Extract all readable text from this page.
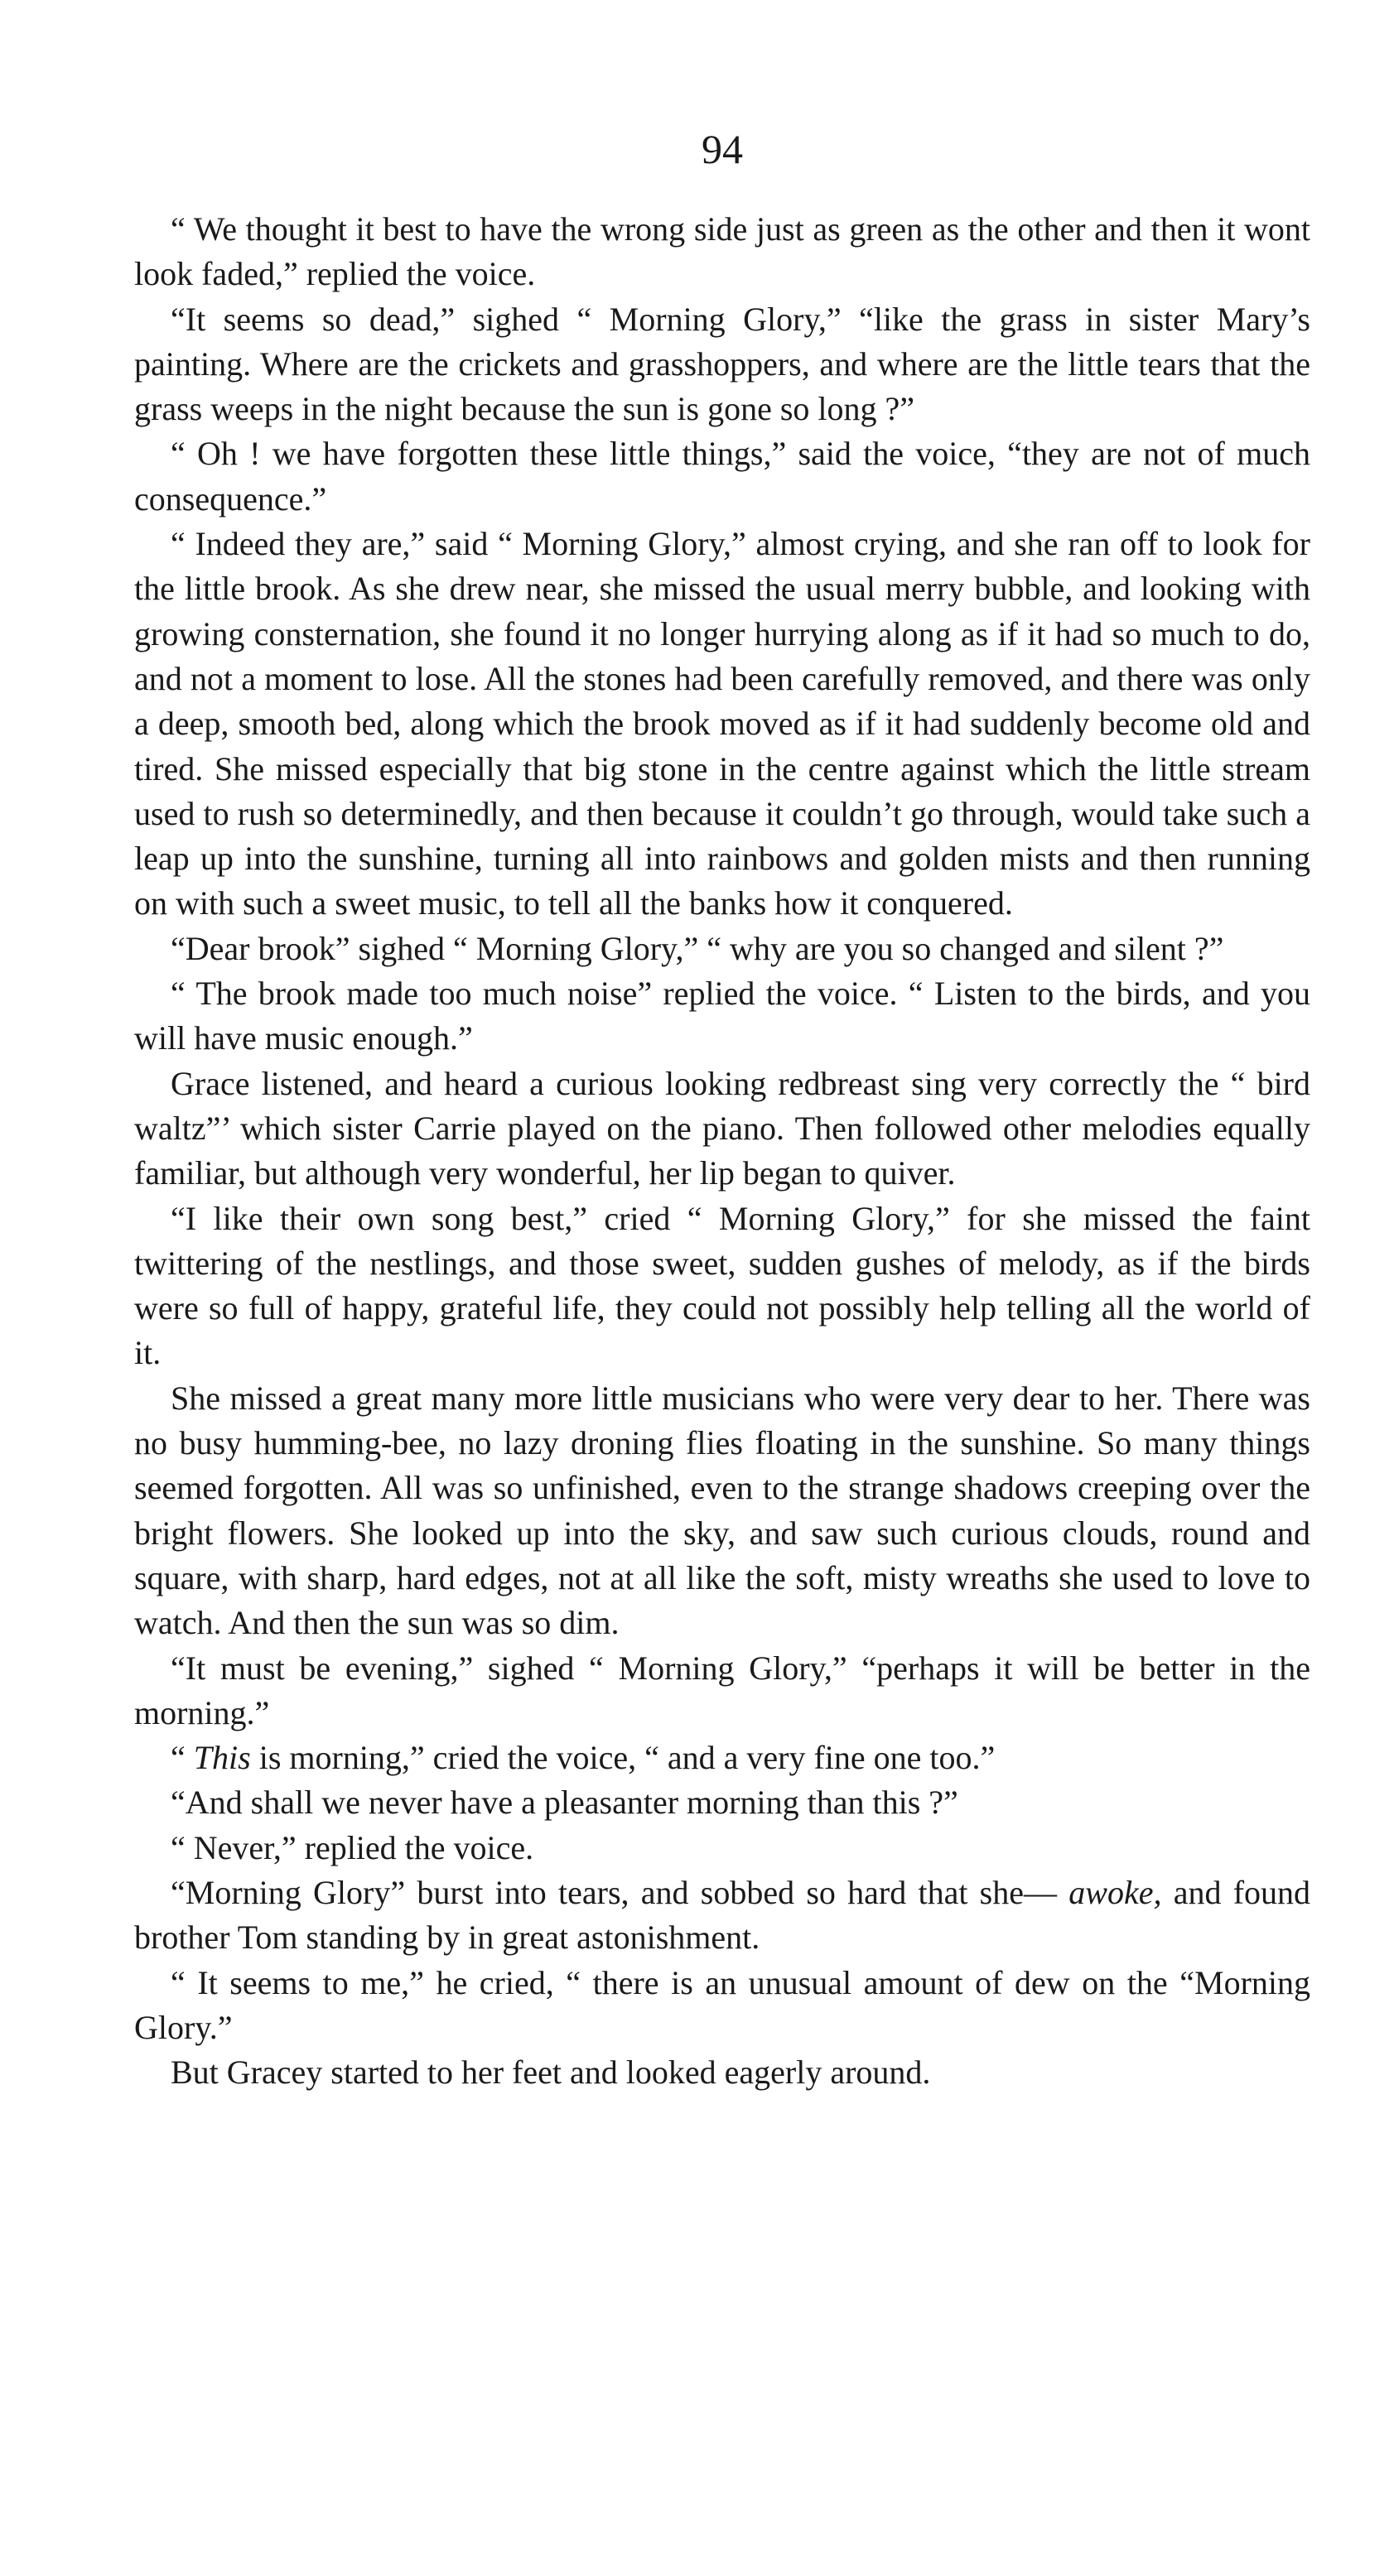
94

“ We thought it best to have the wrong side just as green as the other and then it wont look faded,” replied the voice.

“It seems so dead,” sighed “ Morning Glory,” “like the grass in sister Mary’s painting. Where are the crickets and grasshoppers, and where are the little tears that the grass weeps in the night because the sun is gone so long ?”

“ Oh ! we have forgotten these little things,” said the voice, “they are not of much consequence.”

“ Indeed they are,” said “ Morning Glory,” almost crying, and she ran off to look for the little brook. As she drew near, she missed the usual merry bubble, and looking with growing consternation, she found it no longer hurrying along as if it had so much to do, and not a moment to lose. All the stones had been carefully removed, and there was only a deep, smooth bed, along which the brook moved as if it had suddenly become old and tired. She missed especially that big stone in the centre against which the little stream used to rush so determinedly, and then because it couldn’t go through, would take such a leap up into the sunshine, turning all into rainbows and golden mists and then running on with such a sweet music, to tell all the banks how it conquered.

“Dear brook” sighed “ Morning Glory,” “ why are you so changed and silent ?”

“ The brook made too much noise” replied the voice. “ Listen to the birds, and you will have music enough.”

Grace listened, and heard a curious looking redbreast sing very correctly the “ bird waltz”’ which sister Carrie played on the piano. Then followed other melodies equally familiar, but although very wonderful, her lip began to quiver.

“I like their own song best,” cried “ Morning Glory,” for she missed the faint twittering of the nestlings, and those sweet, sudden gushes of melody, as if the birds were so full of happy, grateful life, they could not possibly help telling all the world of it.

She missed a great many more little musicians who were very dear to her. There was no busy humming-bee, no lazy droning flies floating in the sunshine. So many things seemed forgotten. All was so unfinished, even to the strange shadows creeping over the bright flowers. She looked up into the sky, and saw such curious clouds, round and square, with sharp, hard edges, not at all like the soft, misty wreaths she used to love to watch. And then the sun was so dim.

“It must be evening,” sighed “ Morning Glory,” “perhaps it will be better in the morning.”

“ This is morning,” cried the voice, “ and a very fine one too.”

“And shall we never have a pleasanter morning than this ?”

“ Never,” replied the voice.

“Morning Glory” burst into tears, and sobbed so hard that she— awoke, and found brother Tom standing by in great astonishment.

“ It seems to me,” he cried, “ there is an unusual amount of dew on the “Morning Glory.”

But Gracey started to her feet and looked eagerly around.
